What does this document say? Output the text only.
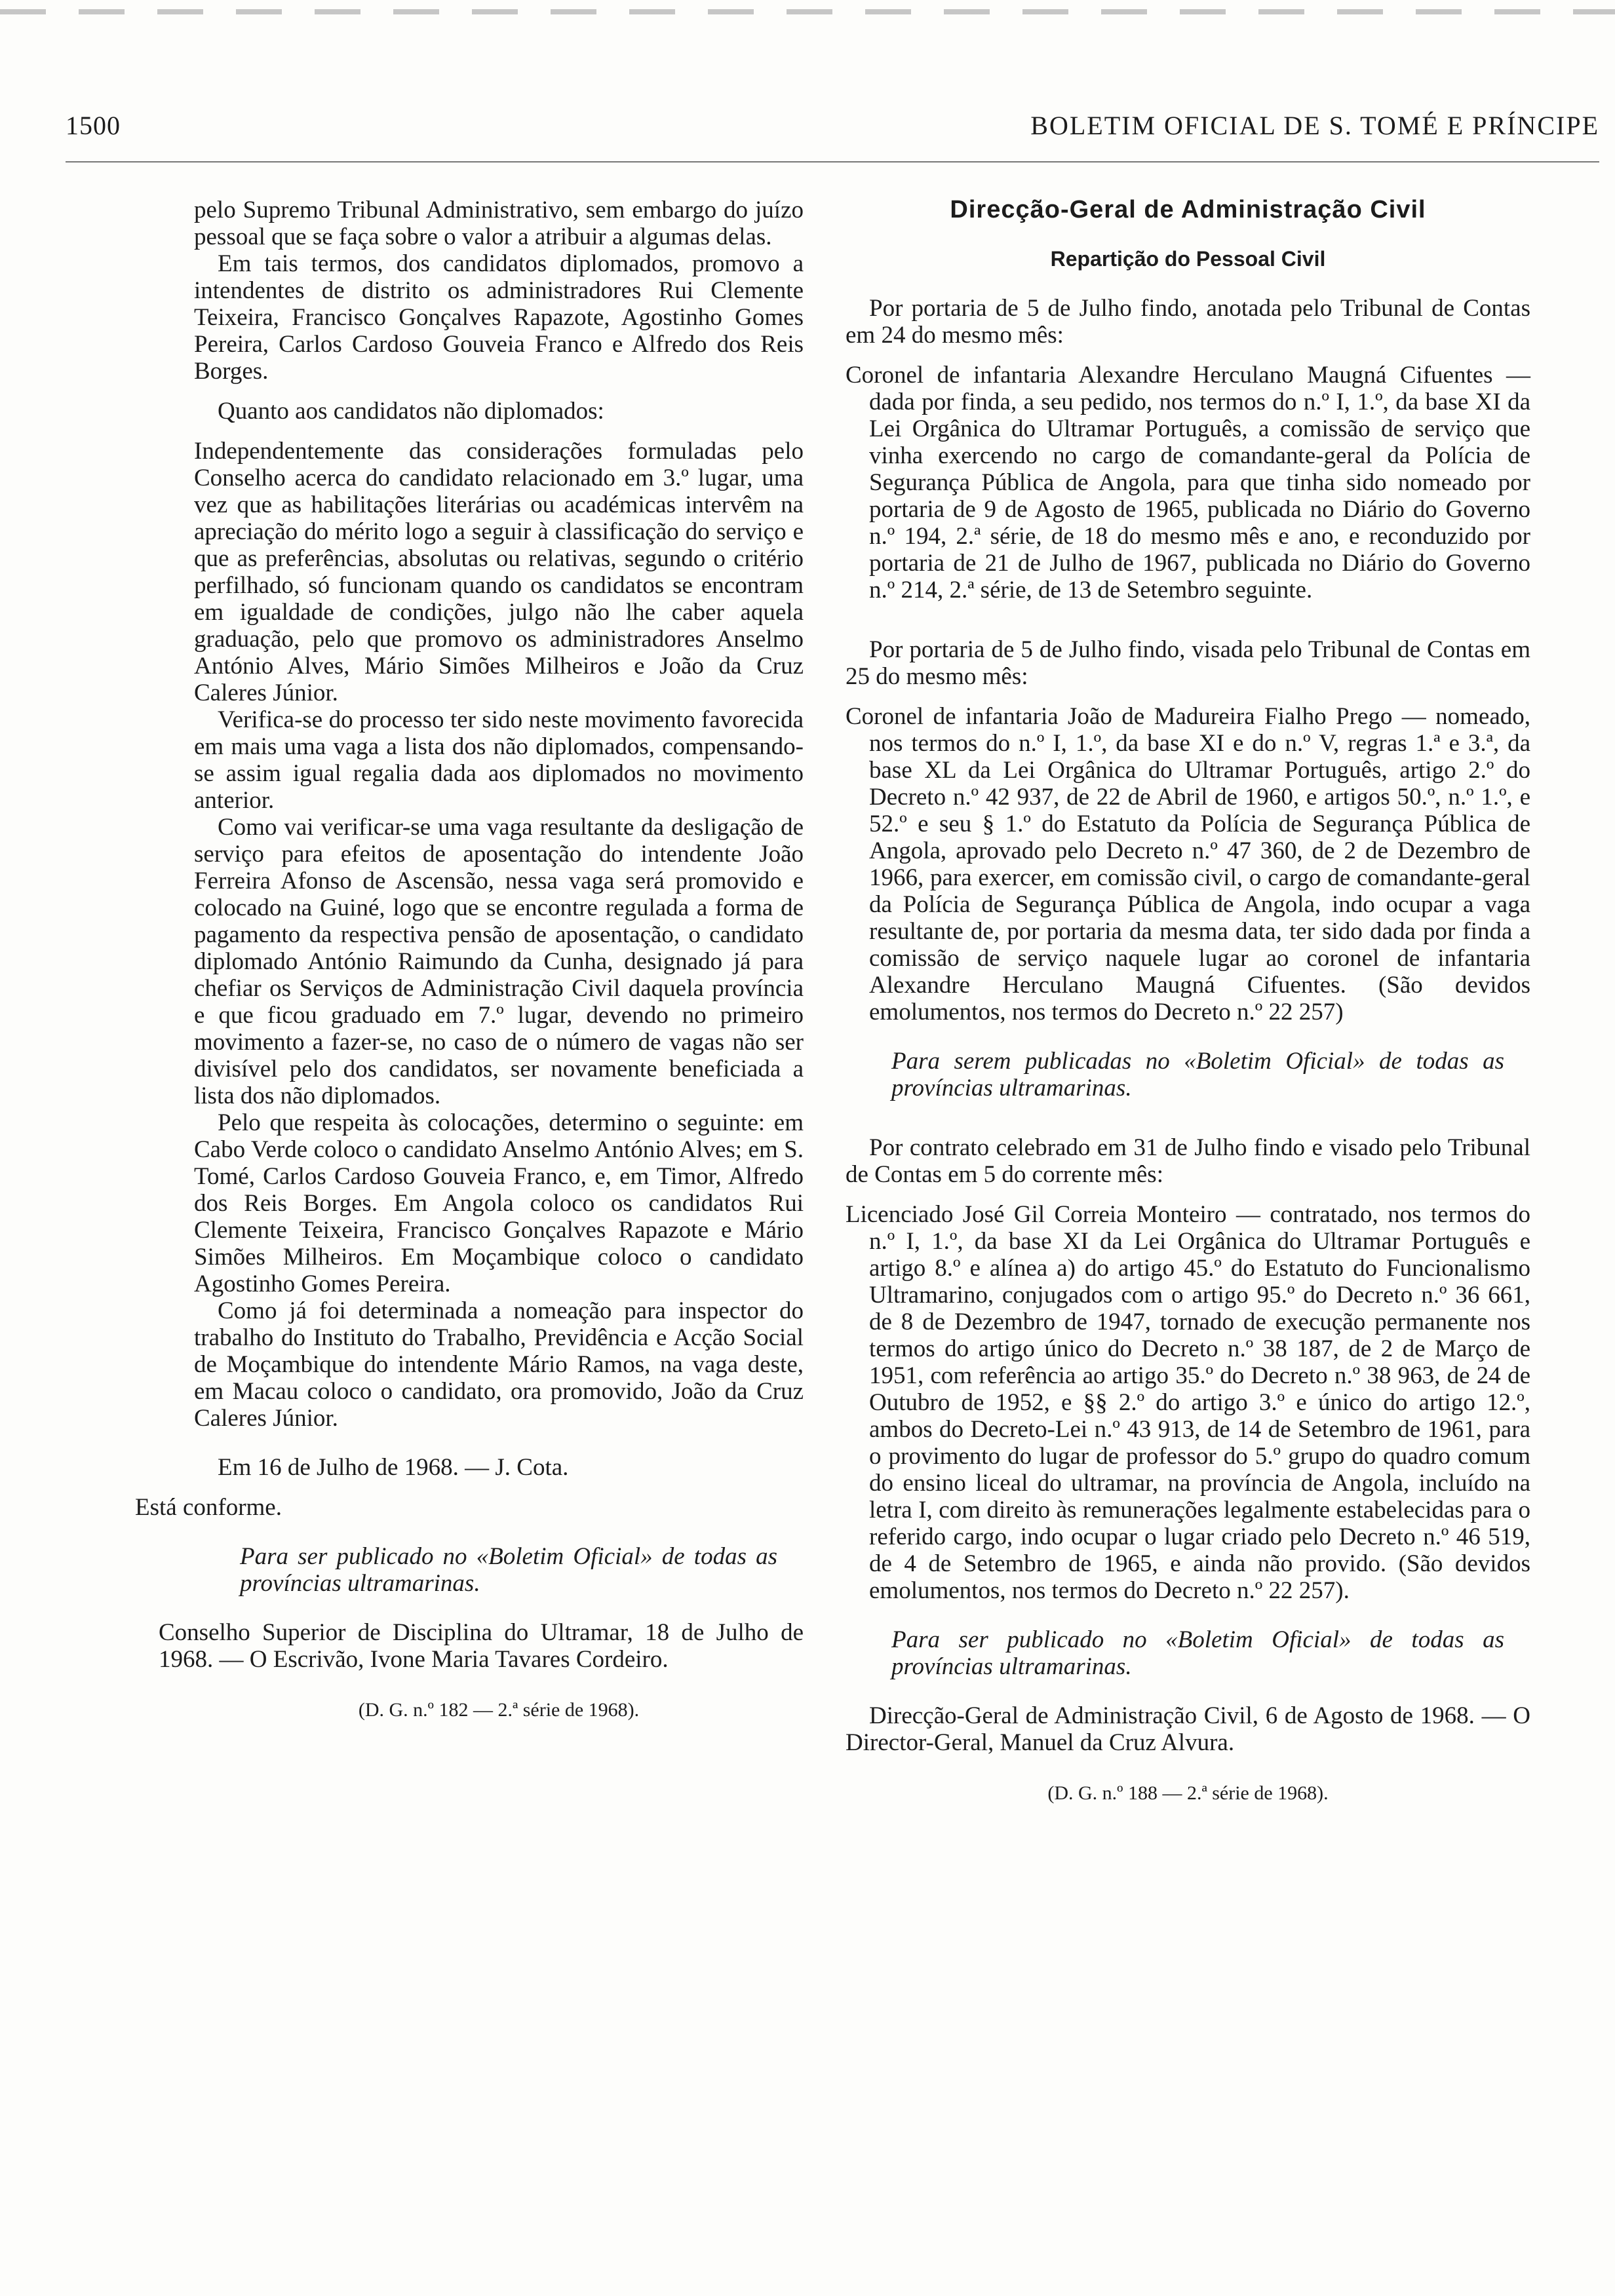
1500	BOLETIM OFICIAL DE S. TOMÉ E PRÍNCIPE

pelo Supremo Tribunal Administrativo, sem embargo do juízo pessoal que se faça sobre o valor a atribuir a algumas delas.

Em tais termos, dos candidatos diplomados, promovo a intendentes de distrito os administradores Rui Clemente Teixeira, Francisco Gonçalves Rapazote, Agostinho Gomes Pereira, Carlos Cardoso Gouveia Franco e Alfredo dos Reis Borges.

Quanto aos candidatos não diplomados:

Independentemente das considerações formuladas pelo Conselho acerca do candidato relacionado em 3.º lugar, uma vez que as habilitações literárias ou académicas intervêm na apreciação do mérito logo a seguir à classificação do serviço e que as preferências, absolutas ou relativas, segundo o critério perfilhado, só funcionam quando os candidatos se encontram em igualdade de condições, julgo não lhe caber aquela graduação, pelo que promovo os administradores Anselmo António Alves, Mário Simões Milheiros e João da Cruz Caleres Júnior.

Verifica-se do processo ter sido neste movimento favorecida em mais uma vaga a lista dos não diplomados, compensando-se assim igual regalia dada aos diplomados no movimento anterior.

Como vai verificar-se uma vaga resultante da desligação de serviço para efeitos de aposentação do intendente João Ferreira Afonso de Ascensão, nessa vaga será promovido e colocado na Guiné, logo que se encontre regulada a forma de pagamento da respectiva pensão de aposentação, o candidato diplomado António Raimundo da Cunha, designado já para chefiar os Serviços de Administração Civil daquela província e que ficou graduado em 7.º lugar, devendo no primeiro movimento a fazer-se, no caso de o número de vagas não ser divisível pelo dos candidatos, ser novamente beneficiada a lista dos não diplomados.

Pelo que respeita às colocações, determino o seguinte: em Cabo Verde coloco o candidato Anselmo António Alves; em S. Tomé, Carlos Cardoso Gouveia Franco, e, em Timor, Alfredo dos Reis Borges. Em Angola coloco os candidatos Rui Clemente Teixeira, Francisco Gonçalves Rapazote e Mário Simões Milheiros. Em Moçambique coloco o candidato Agostinho Gomes Pereira.

Como já foi determinada a nomeação para inspector do trabalho do Instituto do Trabalho, Previdência e Acção Social de Moçambique do intendente Mário Ramos, na vaga deste, em Macau coloco o candidato, ora promovido, João da Cruz Caleres Júnior.

Em 16 de Julho de 1968. — J. Cota.

Está conforme.

Para ser publicado no «Boletim Oficial» de todas as províncias ultramarinas.

Conselho Superior de Disciplina do Ultramar, 18 de Julho de 1968. — O Escrivão, Ivone Maria Tavares Cordeiro.

(D. G. n.º 182 — 2.ª série de 1968).

Direcção-Geral de Administração Civil

Repartição do Pessoal Civil

Por portaria de 5 de Julho findo, anotada pelo Tribunal de Contas em 24 do mesmo mês:

Coronel de infantaria Alexandre Herculano Maugná Cifuentes — dada por finda, a seu pedido, nos termos do n.º I, 1.º, da base XI da Lei Orgânica do Ultramar Português, a comissão de serviço que vinha exercendo no cargo de comandante-geral da Polícia de Segurança Pública de Angola, para que tinha sido nomeado por portaria de 9 de Agosto de 1965, publicada no Diário do Governo n.º 194, 2.ª série, de 18 do mesmo mês e ano, e reconduzido por portaria de 21 de Julho de 1967, publicada no Diário do Governo n.º 214, 2.ª série, de 13 de Setembro seguinte.

Por portaria de 5 de Julho findo, visada pelo Tribunal de Contas em 25 do mesmo mês:

Coronel de infantaria João de Madureira Fialho Prego — nomeado, nos termos do n.º I, 1.º, da base XI e do n.º V, regras 1.ª e 3.ª, da base XL da Lei Orgânica do Ultramar Português, artigo 2.º do Decreto n.º 42 937, de 22 de Abril de 1960, e artigos 50.º, n.º 1.º, e 52.º e seu § 1.º do Estatuto da Polícia de Segurança Pública de Angola, aprovado pelo Decreto n.º 47 360, de 2 de Dezembro de 1966, para exercer, em comissão civil, o cargo de comandante-geral da Polícia de Segurança Pública de Angola, indo ocupar a vaga resultante de, por portaria da mesma data, ter sido dada por finda a comissão de serviço naquele lugar ao coronel de infantaria Alexandre Herculano Maugná Cifuentes. (São devidos emolumentos, nos termos do Decreto n.º 22 257)

Para serem publicadas no «Boletim Oficial» de todas as províncias ultramarinas.

Por contrato celebrado em 31 de Julho findo e visado pelo Tribunal de Contas em 5 do corrente mês:

Licenciado José Gil Correia Monteiro — contratado, nos termos do n.º I, 1.º, da base XI da Lei Orgânica do Ultramar Português e artigo 8.º e alínea a) do artigo 45.º do Estatuto do Funcionalismo Ultramarino, conjugados com o artigo 95.º do Decreto n.º 36 661, de 8 de Dezembro de 1947, tornado de execução permanente nos termos do artigo único do Decreto n.º 38 187, de 2 de Março de 1951, com referência ao artigo 35.º do Decreto n.º 38 963, de 24 de Outubro de 1952, e §§ 2.º do artigo 3.º e único do artigo 12.º, ambos do Decreto-Lei n.º 43 913, de 14 de Setembro de 1961, para o provimento do lugar de professor do 5.º grupo do quadro comum do ensino liceal do ultramar, na província de Angola, incluído na letra I, com direito às remunerações legalmente estabelecidas para o referido cargo, indo ocupar o lugar criado pelo Decreto n.º 46 519, de 4 de Setembro de 1965, e ainda não provido. (São devidos emolumentos, nos termos do Decreto n.º 22 257).

Para ser publicado no «Boletim Oficial» de todas as províncias ultramarinas.

Direcção-Geral de Administração Civil, 6 de Agosto de 1968. — O Director-Geral, Manuel da Cruz Alvura.

(D. G. n.º 188 — 2.ª série de 1968).
